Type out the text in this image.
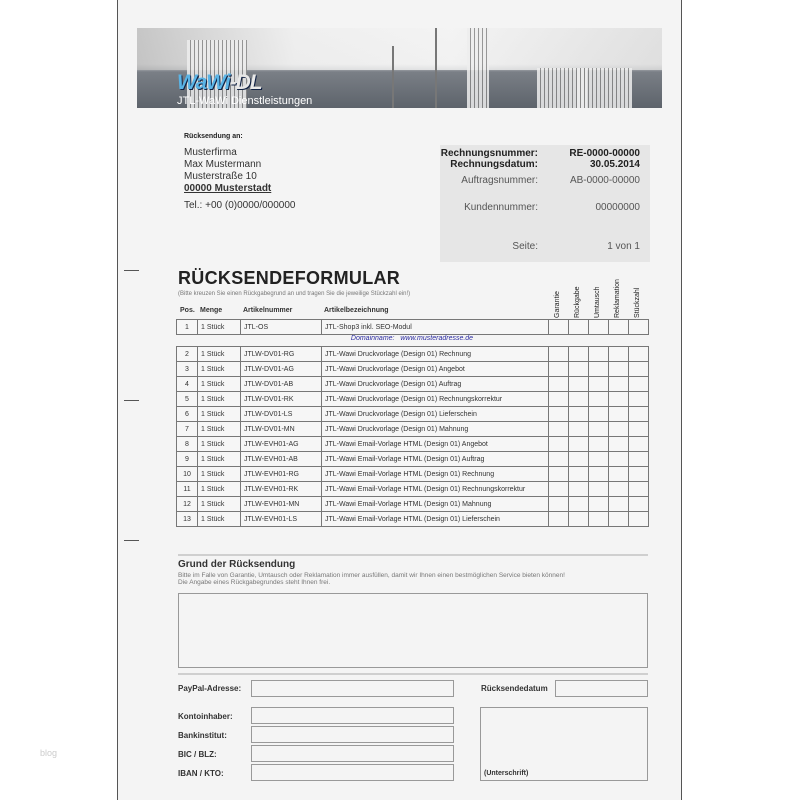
blog
WaWi-DL
JTL-WaWi Dienstleistungen
Rücksendung an:
Musterfirma
Max Mustermann
Musterstraße 10
00000 Musterstadt
Tel.: +00 (0)0000/000000
Rechnungsnummer:	RE-0000-00000
Rechnungsdatum:	30.05.2014
Auftragsnummer:	AB-0000-00000
Kundennummer:	00000000
Seite:	1 von 1
RÜCKSENDEFORMULAR
(Bitte kreuzen Sie einen Rückgabegrund an und tragen Sie die jeweilige Stückzahl ein!)
Pos. Menge	Artikelnummer	Artikelbezeichnung	Garantie Rückgabe Umtausch Reklamation Stückzahl
1	1 Stück	JTL-OS	JTL-Shop3 inkl. SEO-Modul					
Domainname: www.musteradresse.de
2	1 Stück	JTLW-DV01-RG	JTL-Wawi Druckvorlage (Design 01) Rechnung					
3	1 Stück	JTLW-DV01-AG	JTL-Wawi Druckvorlage (Design 01) Angebot					
4	1 Stück	JTLW-DV01-AB	JTL-Wawi Druckvorlage (Design 01) Auftrag					
5	1 Stück	JTLW-DV01-RK	JTL-Wawi Druckvorlage (Design 01) Rechnungskorrektur					
6	1 Stück	JTLW-DV01-LS	JTL-Wawi Druckvorlage (Design 01) Lieferschein					
7	1 Stück	JTLW-DV01-MN	JTL-Wawi Druckvorlage (Design 01) Mahnung					
8	1 Stück	JTLW-EVH01-AG	JTL-Wawi Email-Vorlage HTML (Design 01) Angebot					
9	1 Stück	JTLW-EVH01-AB	JTL-Wawi Email-Vorlage HTML (Design 01) Auftrag					
10	1 Stück	JTLW-EVH01-RG	JTL-Wawi Email-Vorlage HTML (Design 01) Rechnung					
11	1 Stück	JTLW-EVH01-RK	JTL-Wawi Email-Vorlage HTML (Design 01) Rechnungskorrektur					
12	1 Stück	JTLW-EVH01-MN	JTL-Wawi Email-Vorlage HTML (Design 01) Mahnung					
13	1 Stück	JTLW-EVH01-LS	JTL-Wawi Email-Vorlage HTML (Design 01) Lieferschein					
Grund der Rücksendung
Bitte im Falle von Garantie, Umtausch oder Reklamation immer ausfüllen, damit wir Ihnen einen bestmöglichen Service bieten können!
Die Angabe eines Rückgabegrundes steht Ihnen frei.
PayPal-Adresse:	Rücksendedatum
Kontoinhaber:
Bankinstitut:
BIC / BLZ:
IBAN / KTO:	(Unterschrift)
